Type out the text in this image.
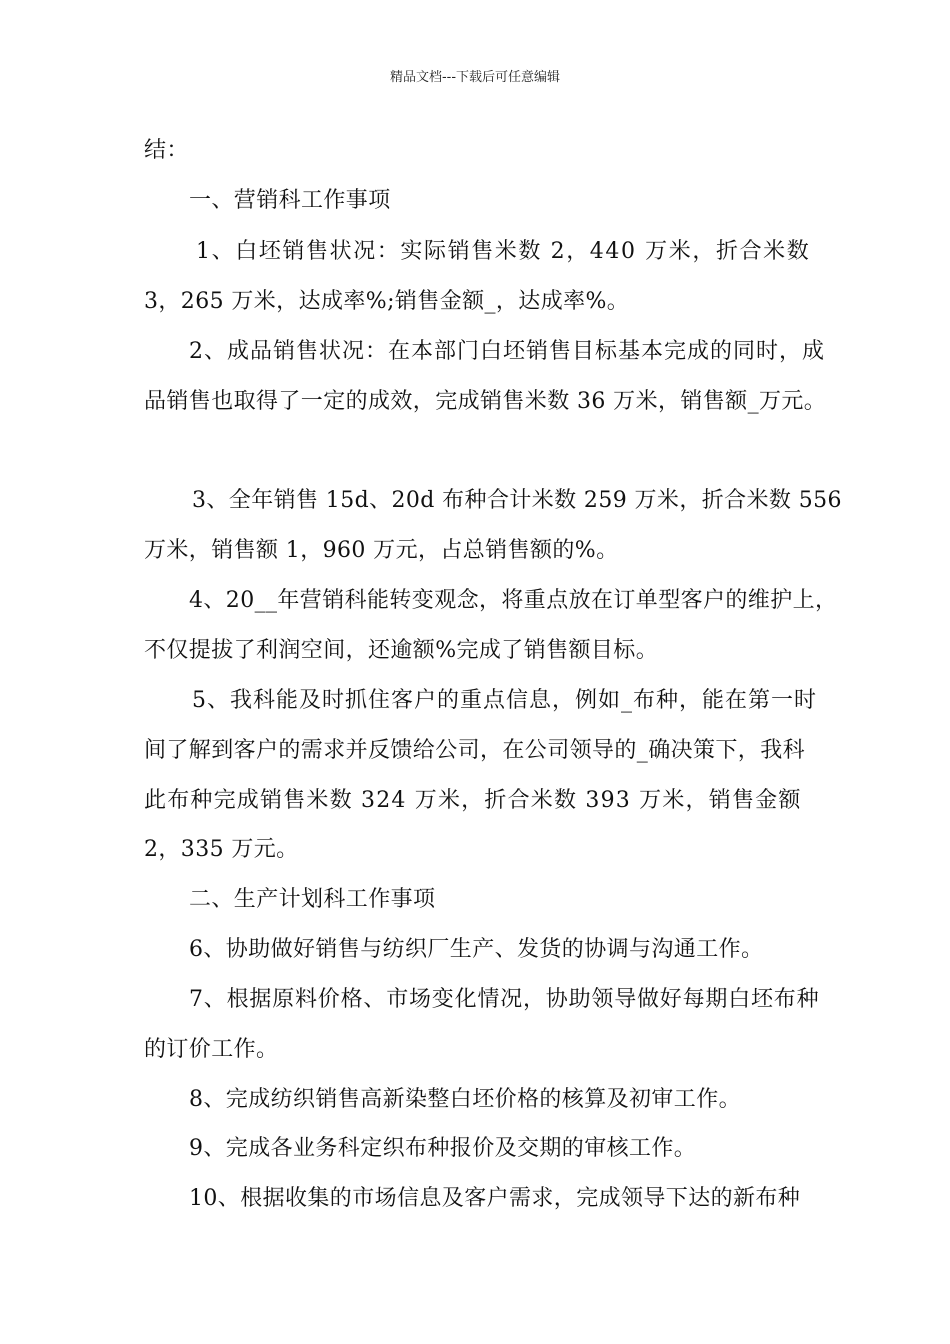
精品文档---下载后可任意编辑
结：
一、营销科工作事项
1、白坯销售状况：实际销售米数 2，440 万米，折合米数
3，265 万米，达成率%;销售金额_，达成率%。
2、成品销售状况：在本部门白坯销售目标基本完成的同时，成
品销售也取得了一定的成效，完成销售米数 36 万米，销售额_万元。
3、全年销售 15d、20d 布种合计米数 259 万米，折合米数 556
万米，销售额 1，960 万元，占总销售额的%。
4、20__年营销科能转变观念，将重点放在订单型客户的维护上，
不仅提拔了利润空间，还逾额%完成了销售额目标。
5、我科能及时抓住客户的重点信息，例如_布种，能在第一时
间了解到客户的需求并反馈给公司，在公司领导的_确决策下，我科
此布种完成销售米数 324 万米，折合米数 393 万米，销售金额
2，335 万元。
二、生产计划科工作事项
6、协助做好销售与纺织厂生产、发货的协调与沟通工作。
7、根据原料价格、市场变化情况，协助领导做好每期白坯布种
的订价工作。
8、完成纺织销售高新染整白坯价格的核算及初审工作。
9、完成各业务科定织布种报价及交期的审核工作。
10、根据收集的市场信息及客户需求，完成领导下达的新布种
